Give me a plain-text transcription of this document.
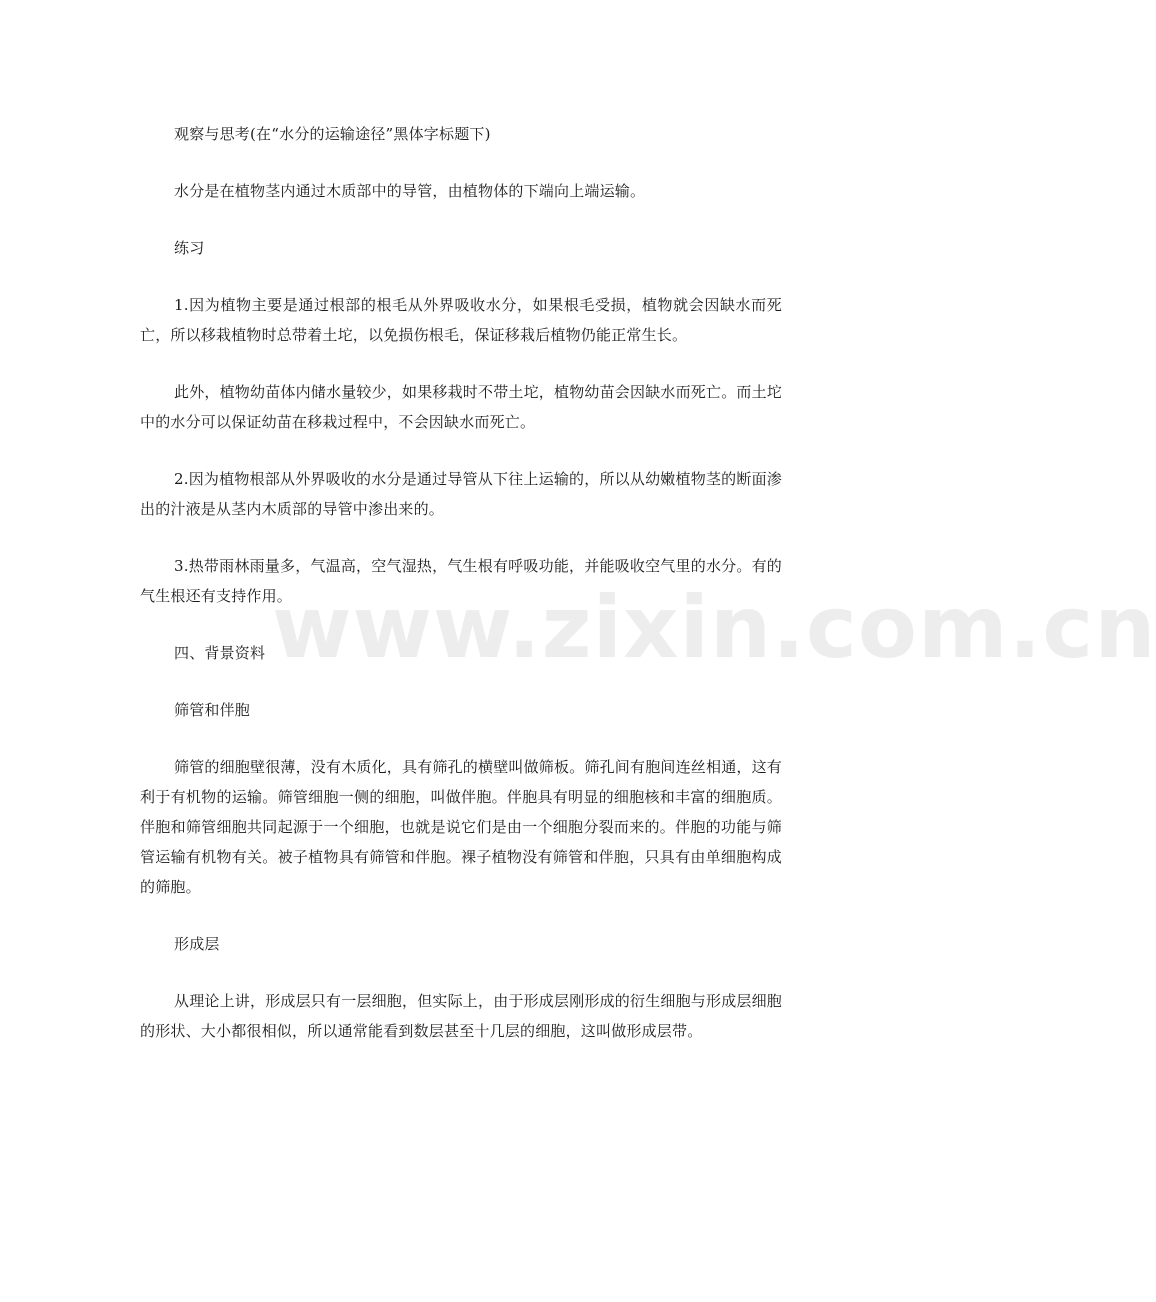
观察与思考(在“水分的运输途径”黑体字标题下)

水分是在植物茎内通过木质部中的导管，由植物体的下端向上端运输。

练习

1.因为植物主要是通过根部的根毛从外界吸收水分，如果根毛受损，植物就会因缺水而死亡，所以移栽植物时总带着土坨，以免损伤根毛，保证移栽后植物仍能正常生长。

此外，植物幼苗体内储水量较少，如果移栽时不带土坨，植物幼苗会因缺水而死亡。而土坨中的水分可以保证幼苗在移栽过程中，不会因缺水而死亡。

2.因为植物根部从外界吸收的水分是通过导管从下往上运输的，所以从幼嫩植物茎的断面渗出的汁液是从茎内木质部的导管中渗出来的。

3.热带雨林雨量多，气温高，空气湿热，气生根有呼吸功能，并能吸收空气里的水分。有的气生根还有支持作用。

四、背景资料

筛管和伴胞

筛管的细胞壁很薄，没有木质化，具有筛孔的横壁叫做筛板。筛孔间有胞间连丝相通，这有利于有机物的运输。筛管细胞一侧的细胞，叫做伴胞。伴胞具有明显的细胞核和丰富的细胞质。伴胞和筛管细胞共同起源于一个细胞，也就是说它们是由一个细胞分裂而来的。伴胞的功能与筛管运输有机物有关。被子植物具有筛管和伴胞。裸子植物没有筛管和伴胞，只具有由单细胞构成的筛胞。

形成层

从理论上讲，形成层只有一层细胞，但实际上，由于形成层刚形成的衍生细胞与形成层细胞的形状、大小都很相似，所以通常能看到数层甚至十几层的细胞，这叫做形成层带。

www.zixin.com.cn
